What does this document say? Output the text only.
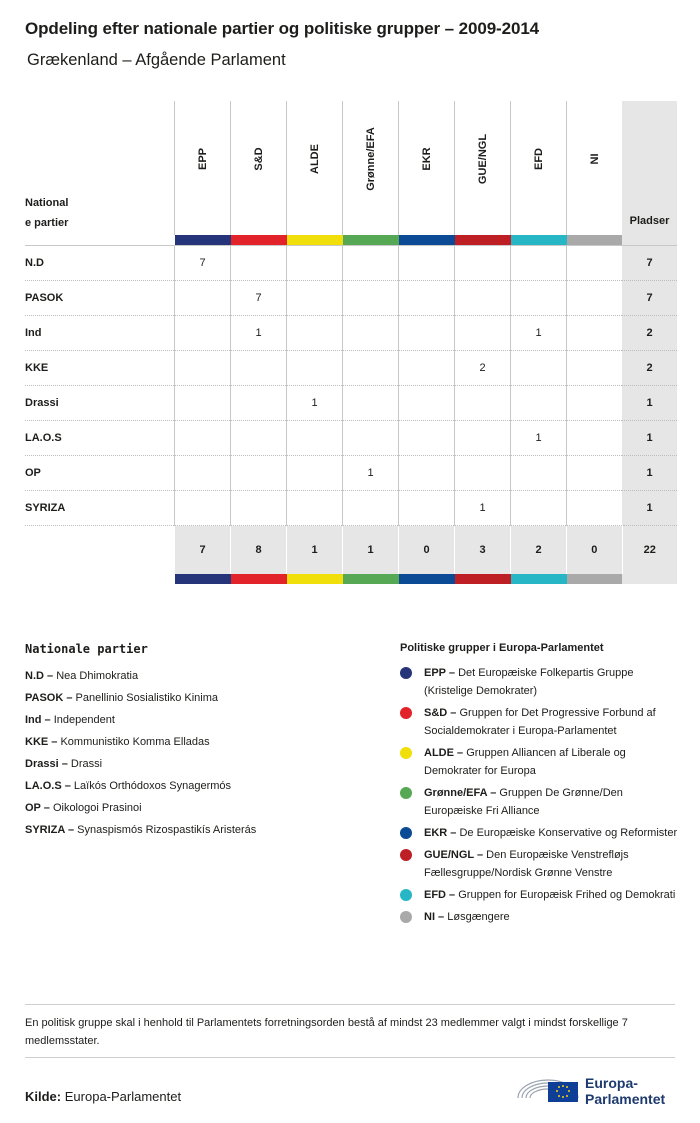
Opdeling efter nationale partier og politiske grupper – 2009-2014
Grækenland – Afgående Parlament
National
e partier	EPP	S&D	ALDE	Grønne/EFA	EKR	GUE/NGL	EFD	NI	Pladser

N.D	7								7
PASOK		7							7
Ind		1					1		2
KKE						2			2
Drassi			1						1
LA.O.S							1		1
OP				1					1
SYRIZA						1			1
	7	8	1	1	0	3	2	0	22

Nationale partier
N.D – Nea Dhimokratia
PASOK – Panellinio Sosialistiko Kinima
Ind – Independent
KKE – Kommunistiko Komma Elladas
Drassi – Drassi
LA.O.S – Laïkós Orthódoxos Synagermós
OP – Oikologoi Prasinoi
SYRIZA – Synaspismós Rizospastikís Aristerás
Politiske grupper i Europa-Parlamentet
EPP – Det Europæiske Folkepartis Gruppe (Kristelige Demokrater)
S&D – Gruppen for Det Progressive Forbund af Socialdemokrater i Europa-Parlamentet
ALDE – Gruppen Alliancen af Liberale og Demokrater for Europa
Grønne/EFA – Gruppen De Grønne/Den Europæiske Fri Alliance
EKR – De Europæiske Konservative og Reformister
GUE/NGL – Den Europæiske Venstrefløjs Fællesgruppe/Nordisk Grønne Venstre
EFD – Gruppen for Europæisk Frihed og Demokrati
NI – Løsgængere
En politisk gruppe skal i henhold til Parlamentets forretningsorden bestå af mindst 23 medlemmer valgt i mindst forskellige 7 medlemsstater.
Kilde: Europa-Parlamentet
Europa-
Parlamentet
